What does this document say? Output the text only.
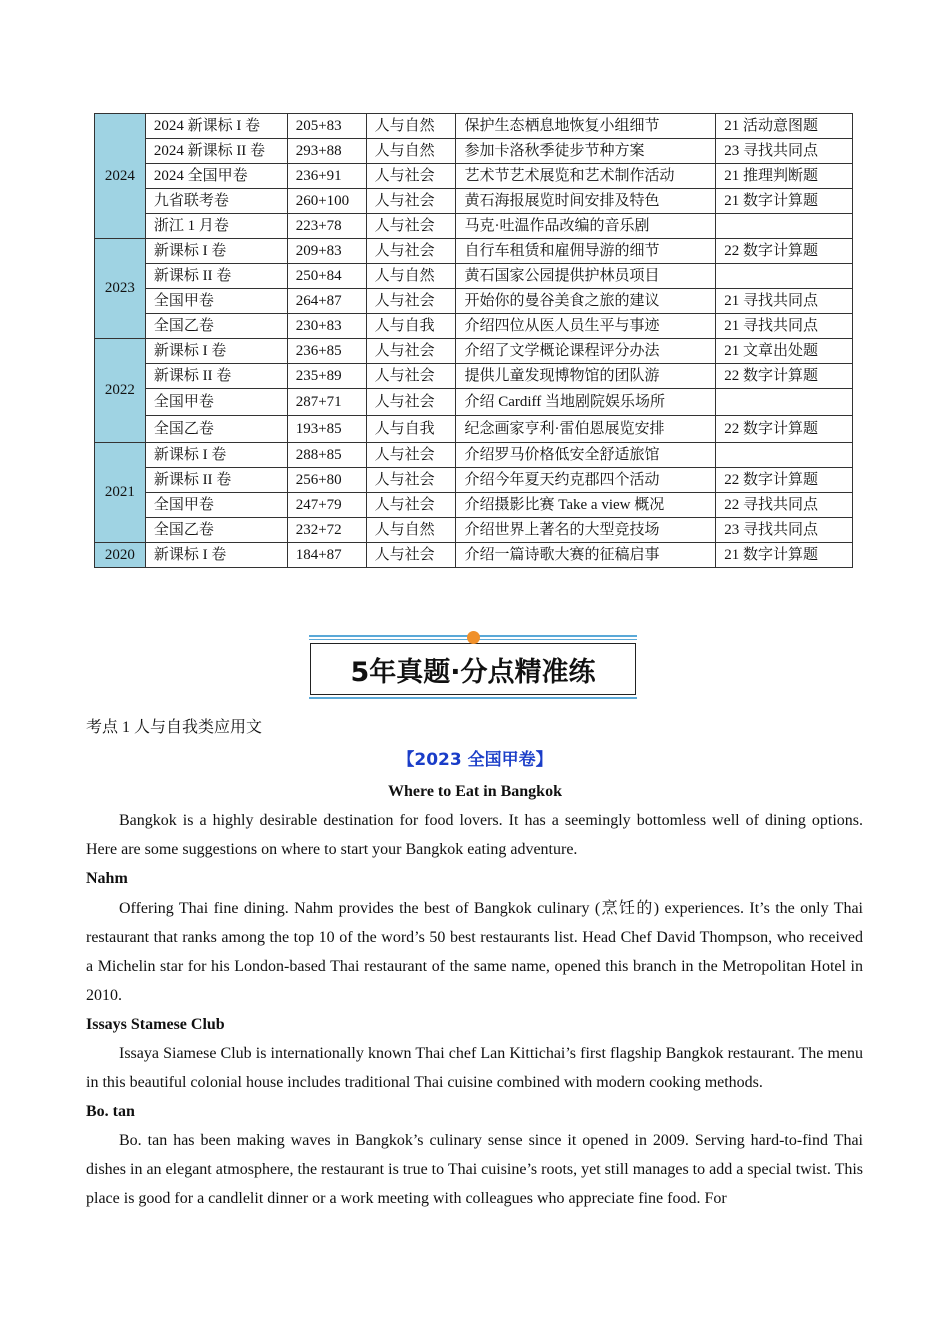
2024	2024 新课标 I 卷	205+83	人与自然	保护生态栖息地恢复小组细节	21 活动意图题
	2024 新课标 II 卷	293+88	人与自然	参加卡洛秋季徒步节种方案	23 寻找共同点
	2024 全国甲卷	236+91	人与社会	艺术节艺术展览和艺术制作活动	21 推理判断题
	九省联考卷	260+100	人与社会	黄石海报展览时间安排及特色	21 数字计算题
	浙江 1 月卷	223+78	人与社会	马克·吐温作品改编的音乐剧	
2023	新课标 I 卷	209+83	人与社会	自行车租赁和雇佣导游的细节	22 数字计算题
	新课标 II 卷	250+84	人与自然	黄石国家公园提供护林员项目	
	全国甲卷	264+87	人与社会	开始你的曼谷美食之旅的建议	21 寻找共同点
	全国乙卷	230+83	人与自我	介绍四位从医人员生平与事迹	21 寻找共同点
2022	新课标 I 卷	236+85	人与社会	介绍了文学概论课程评分办法	21 文章出处题
	新课标 II 卷	235+89	人与社会	提供儿童发现博物馆的团队游	22 数字计算题
	全国甲卷	287+71	人与社会	介绍 Cardiff 当地剧院娱乐场所	
	全国乙卷	193+85	人与自我	纪念画家亨利·雷伯恩展览安排	22 数字计算题
2021	新课标 I 卷	288+85	人与社会	介绍罗马价格低安全舒适旅馆	
	新课标 II 卷	256+80	人与社会	介绍今年夏天约克郡四个活动	22 数字计算题
	全国甲卷	247+79	人与社会	介绍摄影比赛 Take a view 概况	22 寻找共同点
	全国乙卷	232+72	人与自然	介绍世界上著名的大型竞技场	23 寻找共同点
2020	新课标 I 卷	184+87	人与社会	介绍一篇诗歌大赛的征稿启事	21 数字计算题
5年真题·分点精准练
考点 1 人与自我类应用文
【2023 全国甲卷】
Where to Eat in Bangkok
Bangkok is a highly desirable destination for food lovers. It has a seemingly bottomless well of dining options. Here are some suggestions on where to start your Bangkok eating adventure.
Nahm
Offering Thai fine dining. Nahm provides the best of Bangkok culinary (烹饪的) experiences. It’s the only Thai restaurant that ranks among the top 10 of the word’s 50 best restaurants list. Head Chef David Thompson, who received a Michelin star for his London-based Thai restaurant of the same name, opened this branch in the Metropolitan Hotel in 2010.
Issays Stamese Club
Issaya Siamese Club is internationally known Thai chef Lan Kittichai’s first flagship Bangkok restaurant. The menu in this beautiful colonial house includes traditional Thai cuisine combined with modern cooking methods.
Bo. tan
Bo. tan has been making waves in Bangkok’s culinary sense since it opened in 2009. Serving hard-to-find Thai dishes in an elegant atmosphere, the restaurant is true to Thai cuisine’s roots, yet still manages to add a special twist. This place is good for a candlelit dinner or a work meeting with colleagues who appreciate fine food. For
